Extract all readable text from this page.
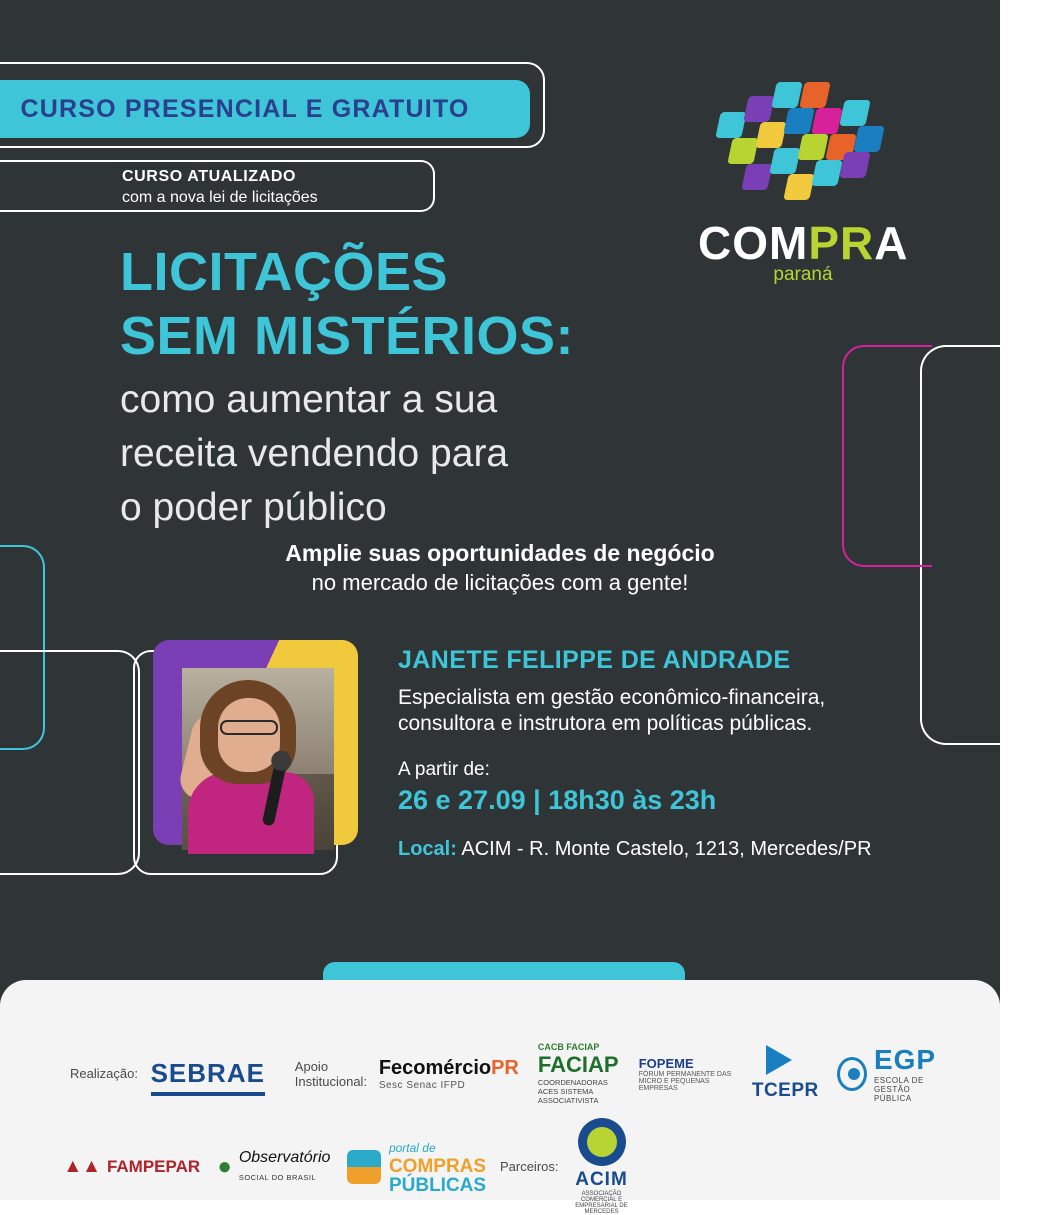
CURSO PRESENCIAL E GRATUITO
CURSO ATUALIZADO
com a nova lei de licitações
COMPRA
paraná
LICITAÇÕES
SEM MISTÉRIOS:
como aumentar a sua
receita vendendo para
o poder público
Amplie suas oportunidades de negócio
no mercado de licitações com a gente!
JANETE FELIPPE DE ANDRADE
Especialista em gestão econômico-financeira,
consultora e instrutora em políticas públicas.
A partir de:
26 e 27.09 | 18h30 às 23h
Local: ACIM - R. Monte Castelo, 1213, Mercedes/PR
Realização: SEBRAE Apoio
Institucional:
FecomércioPR
Sesc Senac IFPD
CACB FACIAP
FACIAP
COORDENADORAS ACES SISTEMA ASSOCIATIVISTA
FOPEME
FÓRUM PERMANENTE DAS MICRO E PEQUENAS EMPRESAS	TCEPR
EGP
ESCOLA DE
GESTÃO PÚBLICA
▲▲ FAMPEPAR ● Observatório
SOCIAL DO BRASIL
portal de
COMPRAS
PÚBLICAS
Parceiros:
ACIM
ASSOCIAÇÃO COMERCIAL E EMPRESARIAL DE MERCEDES
